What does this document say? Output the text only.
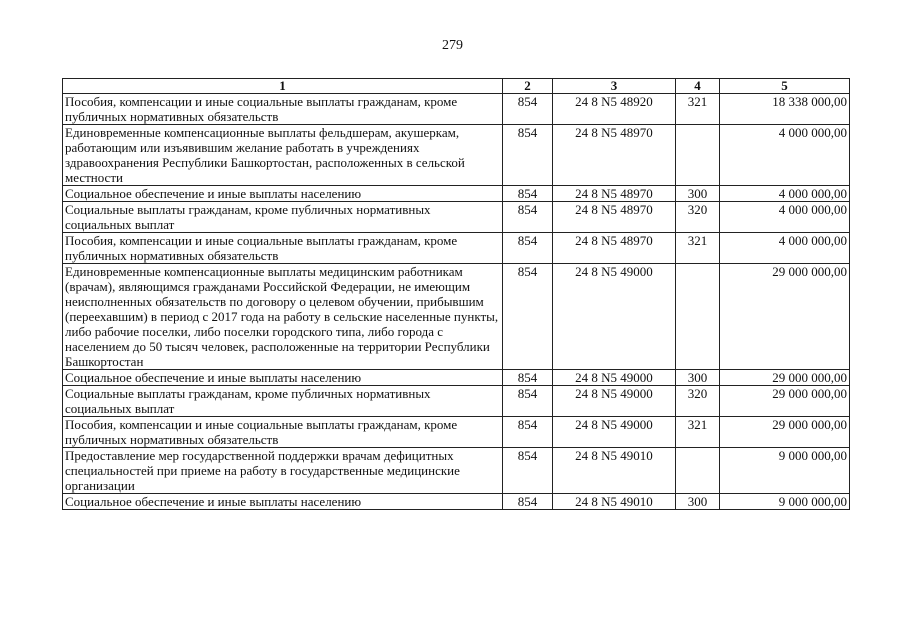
279
1	2	3	4	5
Пособия, компенсации и иные социальные выплаты гражданам, кроме публичных нормативных обязательств	854	24 8 N5 48920	321	18 338 000,00
Единовременные компенсационные выплаты фельдшерам, акушеркам, работающим или изъявившим желание работать в учреждениях здравоохранения Республики Башкортостан, расположенных в сельской местности	854	24 8 N5 48970		4 000 000,00
Социальное обеспечение и иные выплаты населению	854	24 8 N5 48970	300	4 000 000,00
Социальные выплаты гражданам, кроме публичных нормативных социальных выплат	854	24 8 N5 48970	320	4 000 000,00
Пособия, компенсации и иные социальные выплаты гражданам, кроме публичных нормативных обязательств	854	24 8 N5 48970	321	4 000 000,00
Единовременные компенсационные выплаты медицинским работникам (врачам), являющимся гражданами Российской Федерации, не имеющим неисполненных обязательств по договору о целевом обучении, прибывшим (переехавшим) в период с 2017 года на работу в сельские населенные пункты, либо рабочие поселки, либо поселки городского типа, либо города с населением до 50 тысяч человек, расположенные на территории Республики Башкортостан	854	24 8 N5 49000		29 000 000,00
Социальное обеспечение и иные выплаты населению	854	24 8 N5 49000	300	29 000 000,00
Социальные выплаты гражданам, кроме публичных нормативных социальных выплат	854	24 8 N5 49000	320	29 000 000,00
Пособия, компенсации и иные социальные выплаты гражданам, кроме публичных нормативных обязательств	854	24 8 N5 49000	321	29 000 000,00
Предоставление мер государственной поддержки врачам дефицитных специальностей при приеме на работу в государственные медицинские организации	854	24 8 N5 49010		9 000 000,00
Социальное обеспечение и иные выплаты населению	854	24 8 N5 49010	300	9 000 000,00
